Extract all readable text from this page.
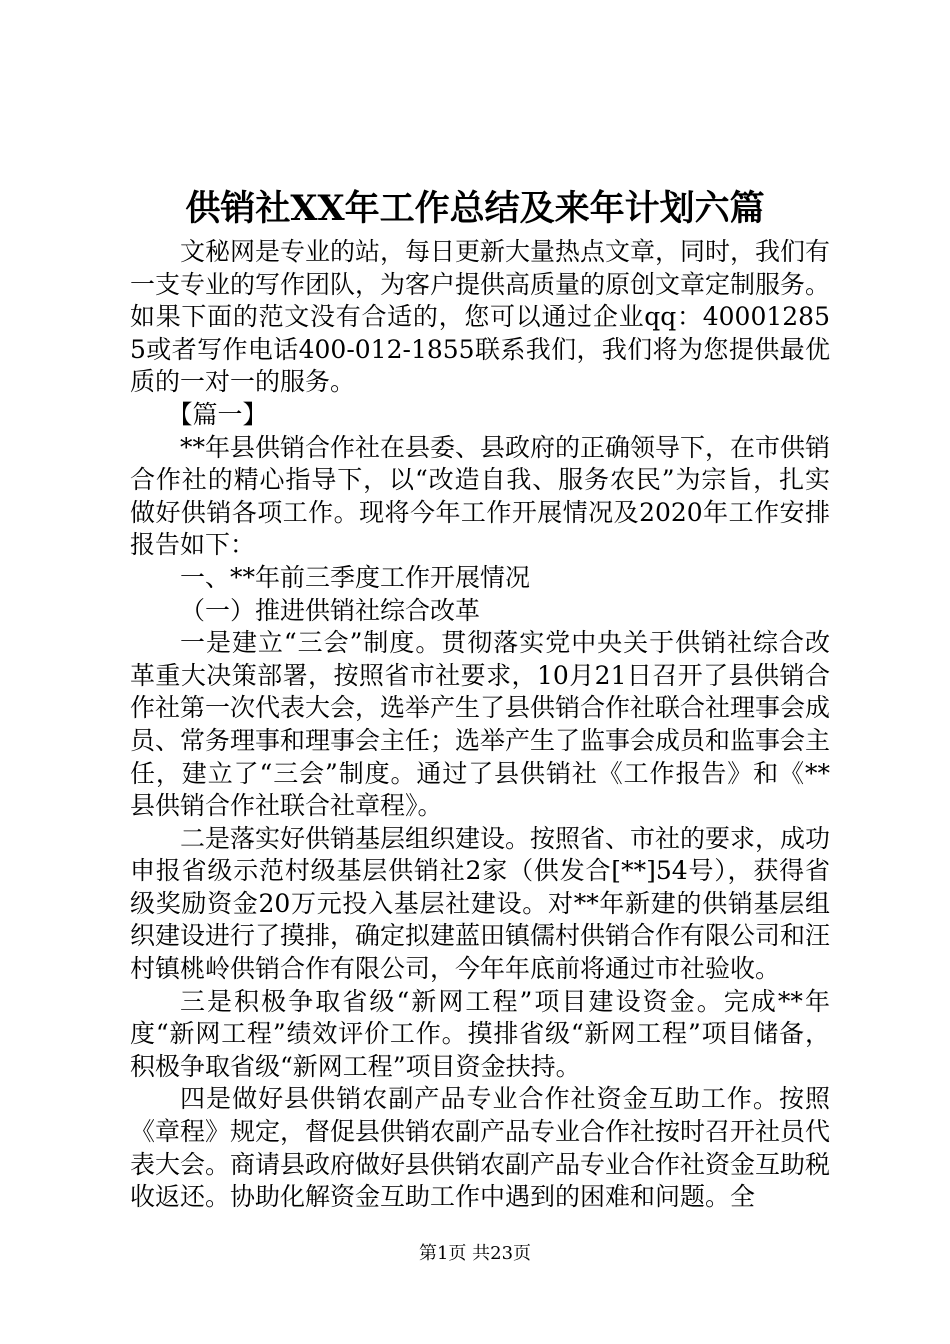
供销社XX年工作总结及来年计划六篇

文秘网是专业的站，每日更新大量热点文章，同时，我们有一支专业的写作团队，为客户提供高质量的原创文章定制服务。如果下面的范文没有合适的，您可以通过企业qq：400012855或者写作电话400-012-1855联系我们，我们将为您提供最优质的一对一的服务。

【篇一】

**年县供销合作社在县委、县政府的正确领导下，在市供销合作社的精心指导下，以“改造自我、服务农民”为宗旨，扎实做好供销各项工作。现将今年工作开展情况及2020年工作安排报告如下：

一、**年前三季度工作开展情况

（一）推进供销社综合改革

一是建立“三会”制度。贯彻落实党中央关于供销社综合改革重大决策部署，按照省市社要求，10月21日召开了县供销合作社第一次代表大会，选举产生了县供销合作社联合社理事会成员、常务理事和理事会主任；选举产生了监事会成员和监事会主任，建立了“三会”制度。通过了县供销社《工作报告》和《**县供销合作社联合社章程》。

二是落实好供销基层组织建设。按照省、市社的要求，成功申报省级示范村级基层供销社2家（供发合[**]54号），获得省级奖励资金20万元投入基层社建设。对**年新建的供销基层组织建设进行了摸排，确定拟建蓝田镇儒村供销合作有限公司和汪村镇桃岭供销合作有限公司，今年年底前将通过市社验收。

三是积极争取省级“新网工程”项目建设资金。完成**年度“新网工程”绩效评价工作。摸排省级“新网工程”项目储备，积极争取省级“新网工程”项目资金扶持。

四是做好县供销农副产品专业合作社资金互助工作。按照《章程》规定，督促县供销农副产品专业合作社按时召开社员代表大会。商请县政府做好县供销农副产品专业合作社资金互助税收返还。协助化解资金互助工作中遇到的困难和问题。全

第1页 共23页
